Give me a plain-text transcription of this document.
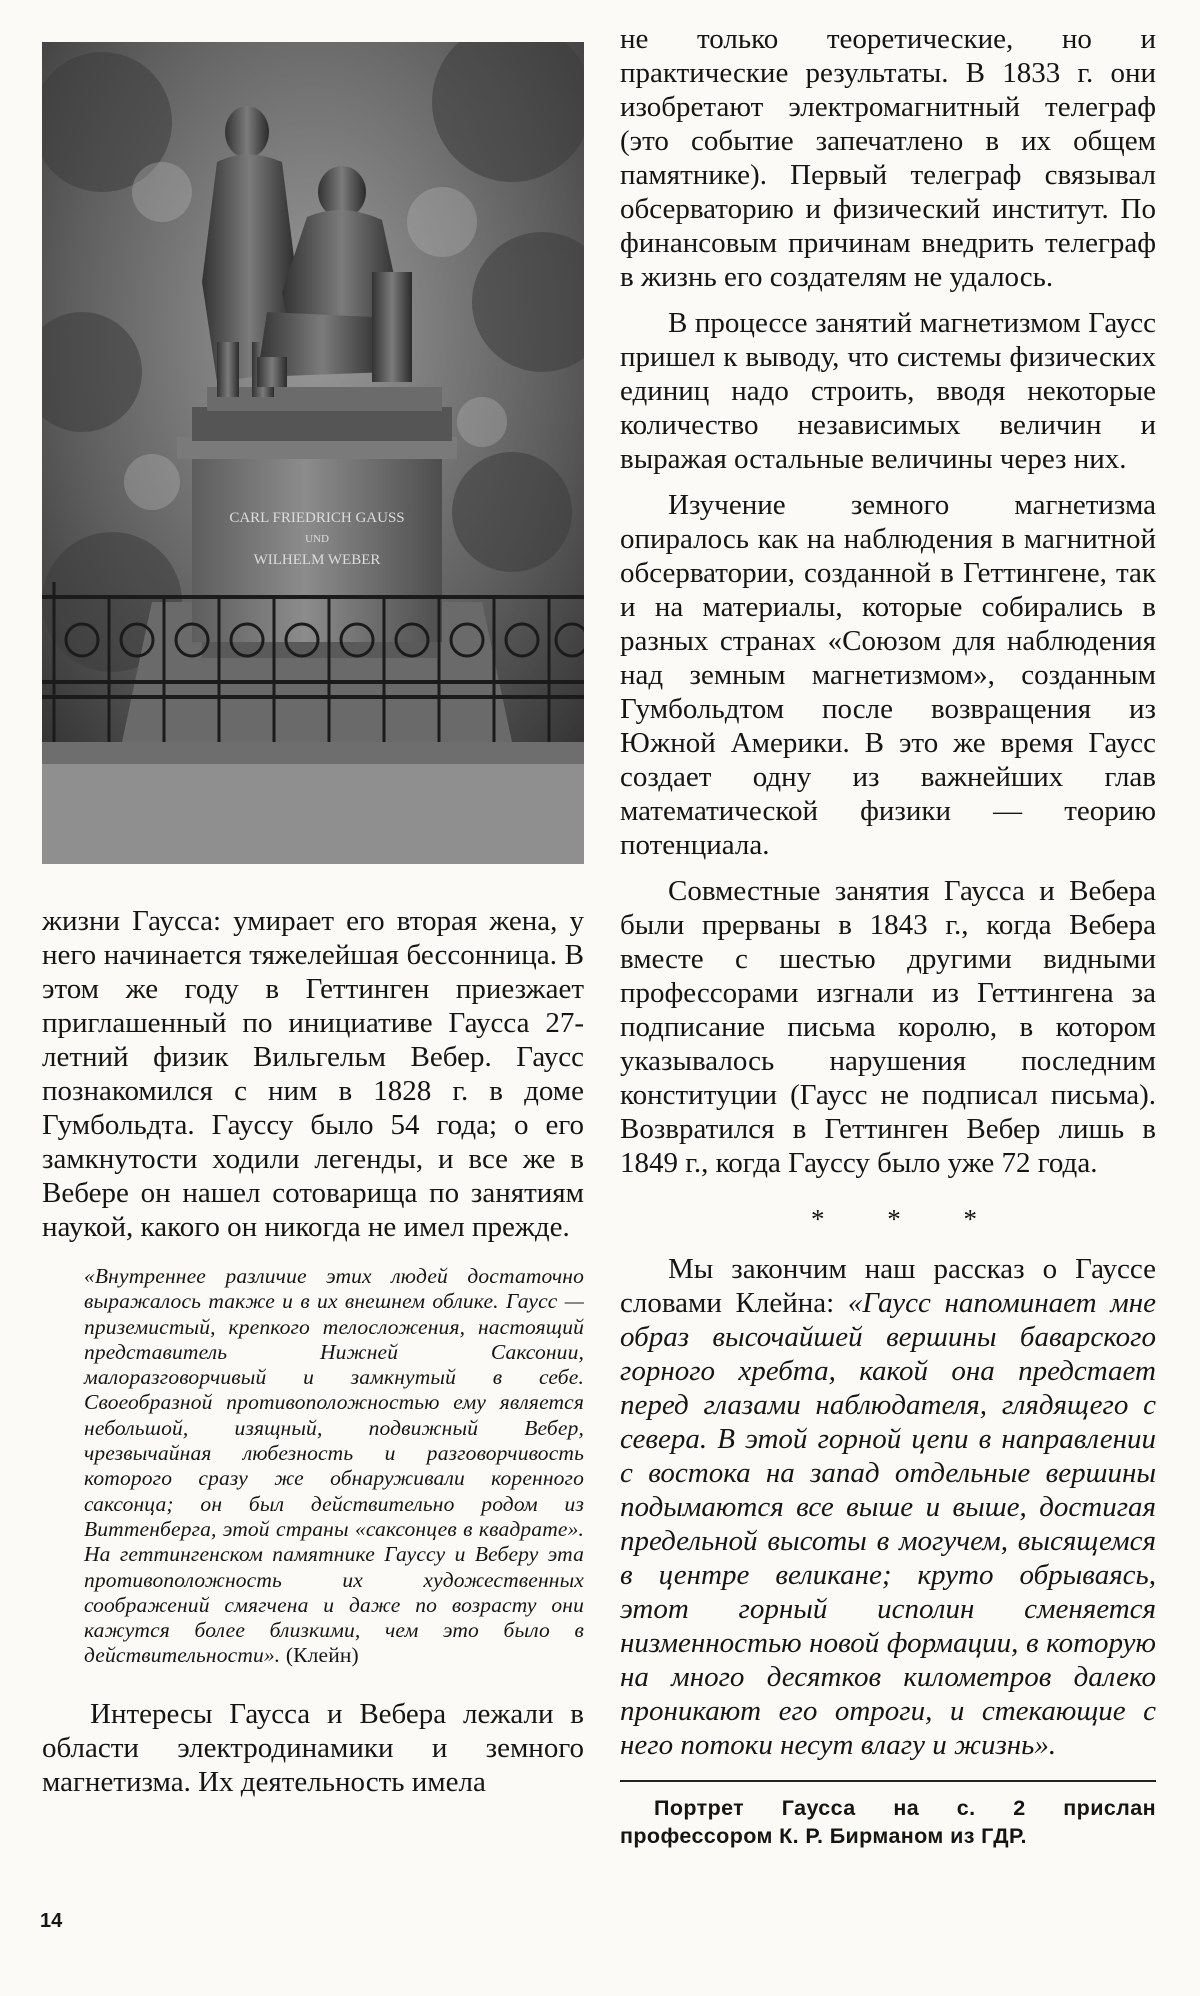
CARL FRIEDRICH GAUSS
UND
WILHELM WEBER

жизни Гаусса: умирает его вторая жена, у него начинается тяжелейшая бессонница. В этом же году в Геттинген приезжает приглашенный по инициативе Гаусса 27-летний физик Вильгельм Вебер. Гаусс познакомился с ним в 1828 г. в доме Гумбольдта. Гауссу было 54 года; о его замкнутости ходили легенды, и все же в Вебере он нашел сотоварища по занятиям наукой, какого он никогда не имел прежде.

«Внутреннее различие этих людей достаточно выражалось также и в их внешнем облике. Гаусс — приземистый, крепкого телосложения, настоящий представитель Нижней Саксонии, малоразговорчивый и замкнутый в себе. Своеобразной противоположностью ему является небольшой, изящный, подвижный Вебер, чрезвычайная любезность и разговорчивость которого сразу же обнаруживали коренного саксонца; он был действительно родом из Виттенберга, этой страны «саксонцев в квадрате». На геттингенском памятнике Гауссу и Веберу эта противоположность их художественных соображений смягчена и даже по возрасту они кажутся более близкими, чем это было в действительности». (Клейн)

Интересы Гаусса и Вебера лежали в области электродинамики и земного магнетизма. Их деятельность имела

не только теоретические, но и практические результаты. В 1833 г. они изобретают электромагнитный телеграф (это событие запечатлено в их общем памятнике). Первый телеграф связывал обсерваторию и физический институт. По финансовым причинам внедрить телеграф в жизнь его создателям не удалось.

В процессе занятий магнетизмом Гаусс пришел к выводу, что системы физических единиц надо строить, вводя некоторые количество независимых величин и выражая остальные величины через них.

Изучение земного магнетизма опиралось как на наблюдения в магнитной обсерватории, созданной в Геттингене, так и на материалы, которые собирались в разных странах «Союзом для наблюдения над земным магнетизмом», созданным Гумбольдтом после возвращения из Южной Америки. В это же время Гаусс создает одну из важнейших глав математической физики — теорию потенциала.

Совместные занятия Гаусса и Вебера были прерваны в 1843 г., когда Вебера вместе с шестью другими видными профессорами изгнали из Геттингена за подписание письма королю, в котором указывалось нарушения последним конституции (Гаусс не подписал письма). Возвратился в Геттинген Вебер лишь в 1849 г., когда Гауссу было уже 72 года.

* * *

Мы закончим наш рассказ о Гауссе словами Клейна: «Гаусс напоминает мне образ высочайшей вершины баварского горного хребта, какой она предстает перед глазами наблюдателя, глядящего с севера. В этой горной цепи в направлении с востока на запад отдельные вершины подымаются все выше и выше, достигая предельной высоты в могучем, высящемся в центре великане; круто обрываясь, этот горный исполин сменяется низменностью новой формации, в которую на много десятков километров далеко проникают его отроги, и стекающие с него потоки несут влагу и жизнь».

Портрет Гаусса на с. 2 прислан профессором К. Р. Бирманом из ГДР.
14
